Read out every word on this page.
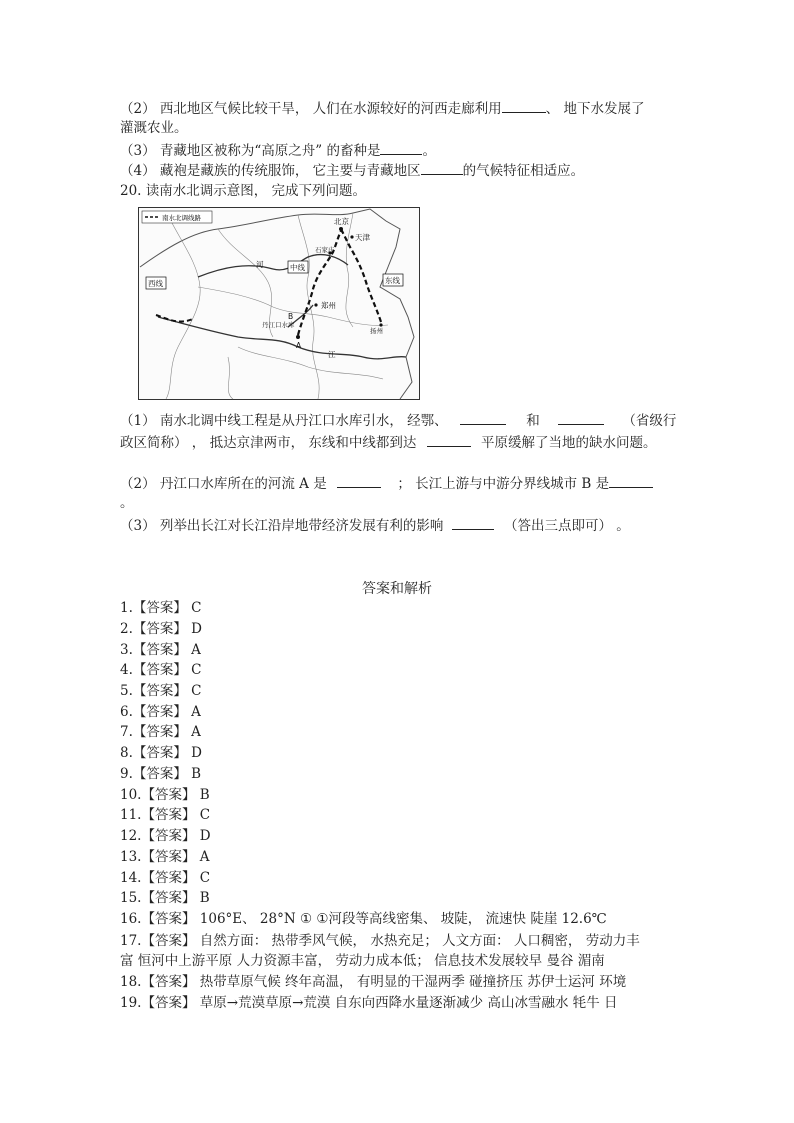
（2） 西北地区气候比较干旱， 人们在水源较好的河西走廊利用	、 地下水发展了
灌溉农业。
（3） 青藏地区被称为“高原之舟” 的畜种是	。
（4） 藏袍是藏族的传统服饰， 它主要与青藏地区	的气候特征相适应。
20. 读南水北调示意图， 完成下列问题。
南水北调线路	北京
天津
石家庄
郑州
中线
东线
西线
丹江口水库
A
B
扬州
江
河
（1） 南水北调中线工程是从丹江口水库引水， 经鄂、	和	（省级行
政区简称） ， 抵达京津两市， 东线和中线都到达	平原缓解了当地的缺水问题。
（2） 丹江口水库所在的河流 A 是	； 长江上游与中游分界线城市 B 是
。
（3） 列举出长江对长江沿岸地带经济发展有利的影响	（答出三点即可） 。
答案和解析
1.【答案】 C
2.【答案】 D
3.【答案】 A
4.【答案】 C
5.【答案】 C
6.【答案】 A
7.【答案】 A
8.【答案】 D
9.【答案】 B
10.【答案】 B
11.【答案】 C
12.【答案】 D
13.【答案】 A
14.【答案】 C
15.【答案】 B
16.【答案】 106°E、 28°N ① ①河段等高线密集、 坡陡， 流速快 陡崖 12.6℃
17.【答案】 自然方面： 热带季风气候， 水热充足； 人文方面： 人口稠密， 劳动力丰
富 恒河中上游平原 人力资源丰富， 劳动力成本低； 信息技术发展较早 曼谷 湄南
18.【答案】 热带草原气候 终年高温， 有明显的干湿两季 碰撞挤压 苏伊士运河 环境
19.【答案】 草原→荒漠草原→荒漠 自东向西降水量逐渐减少 高山冰雪融水 牦牛 日
